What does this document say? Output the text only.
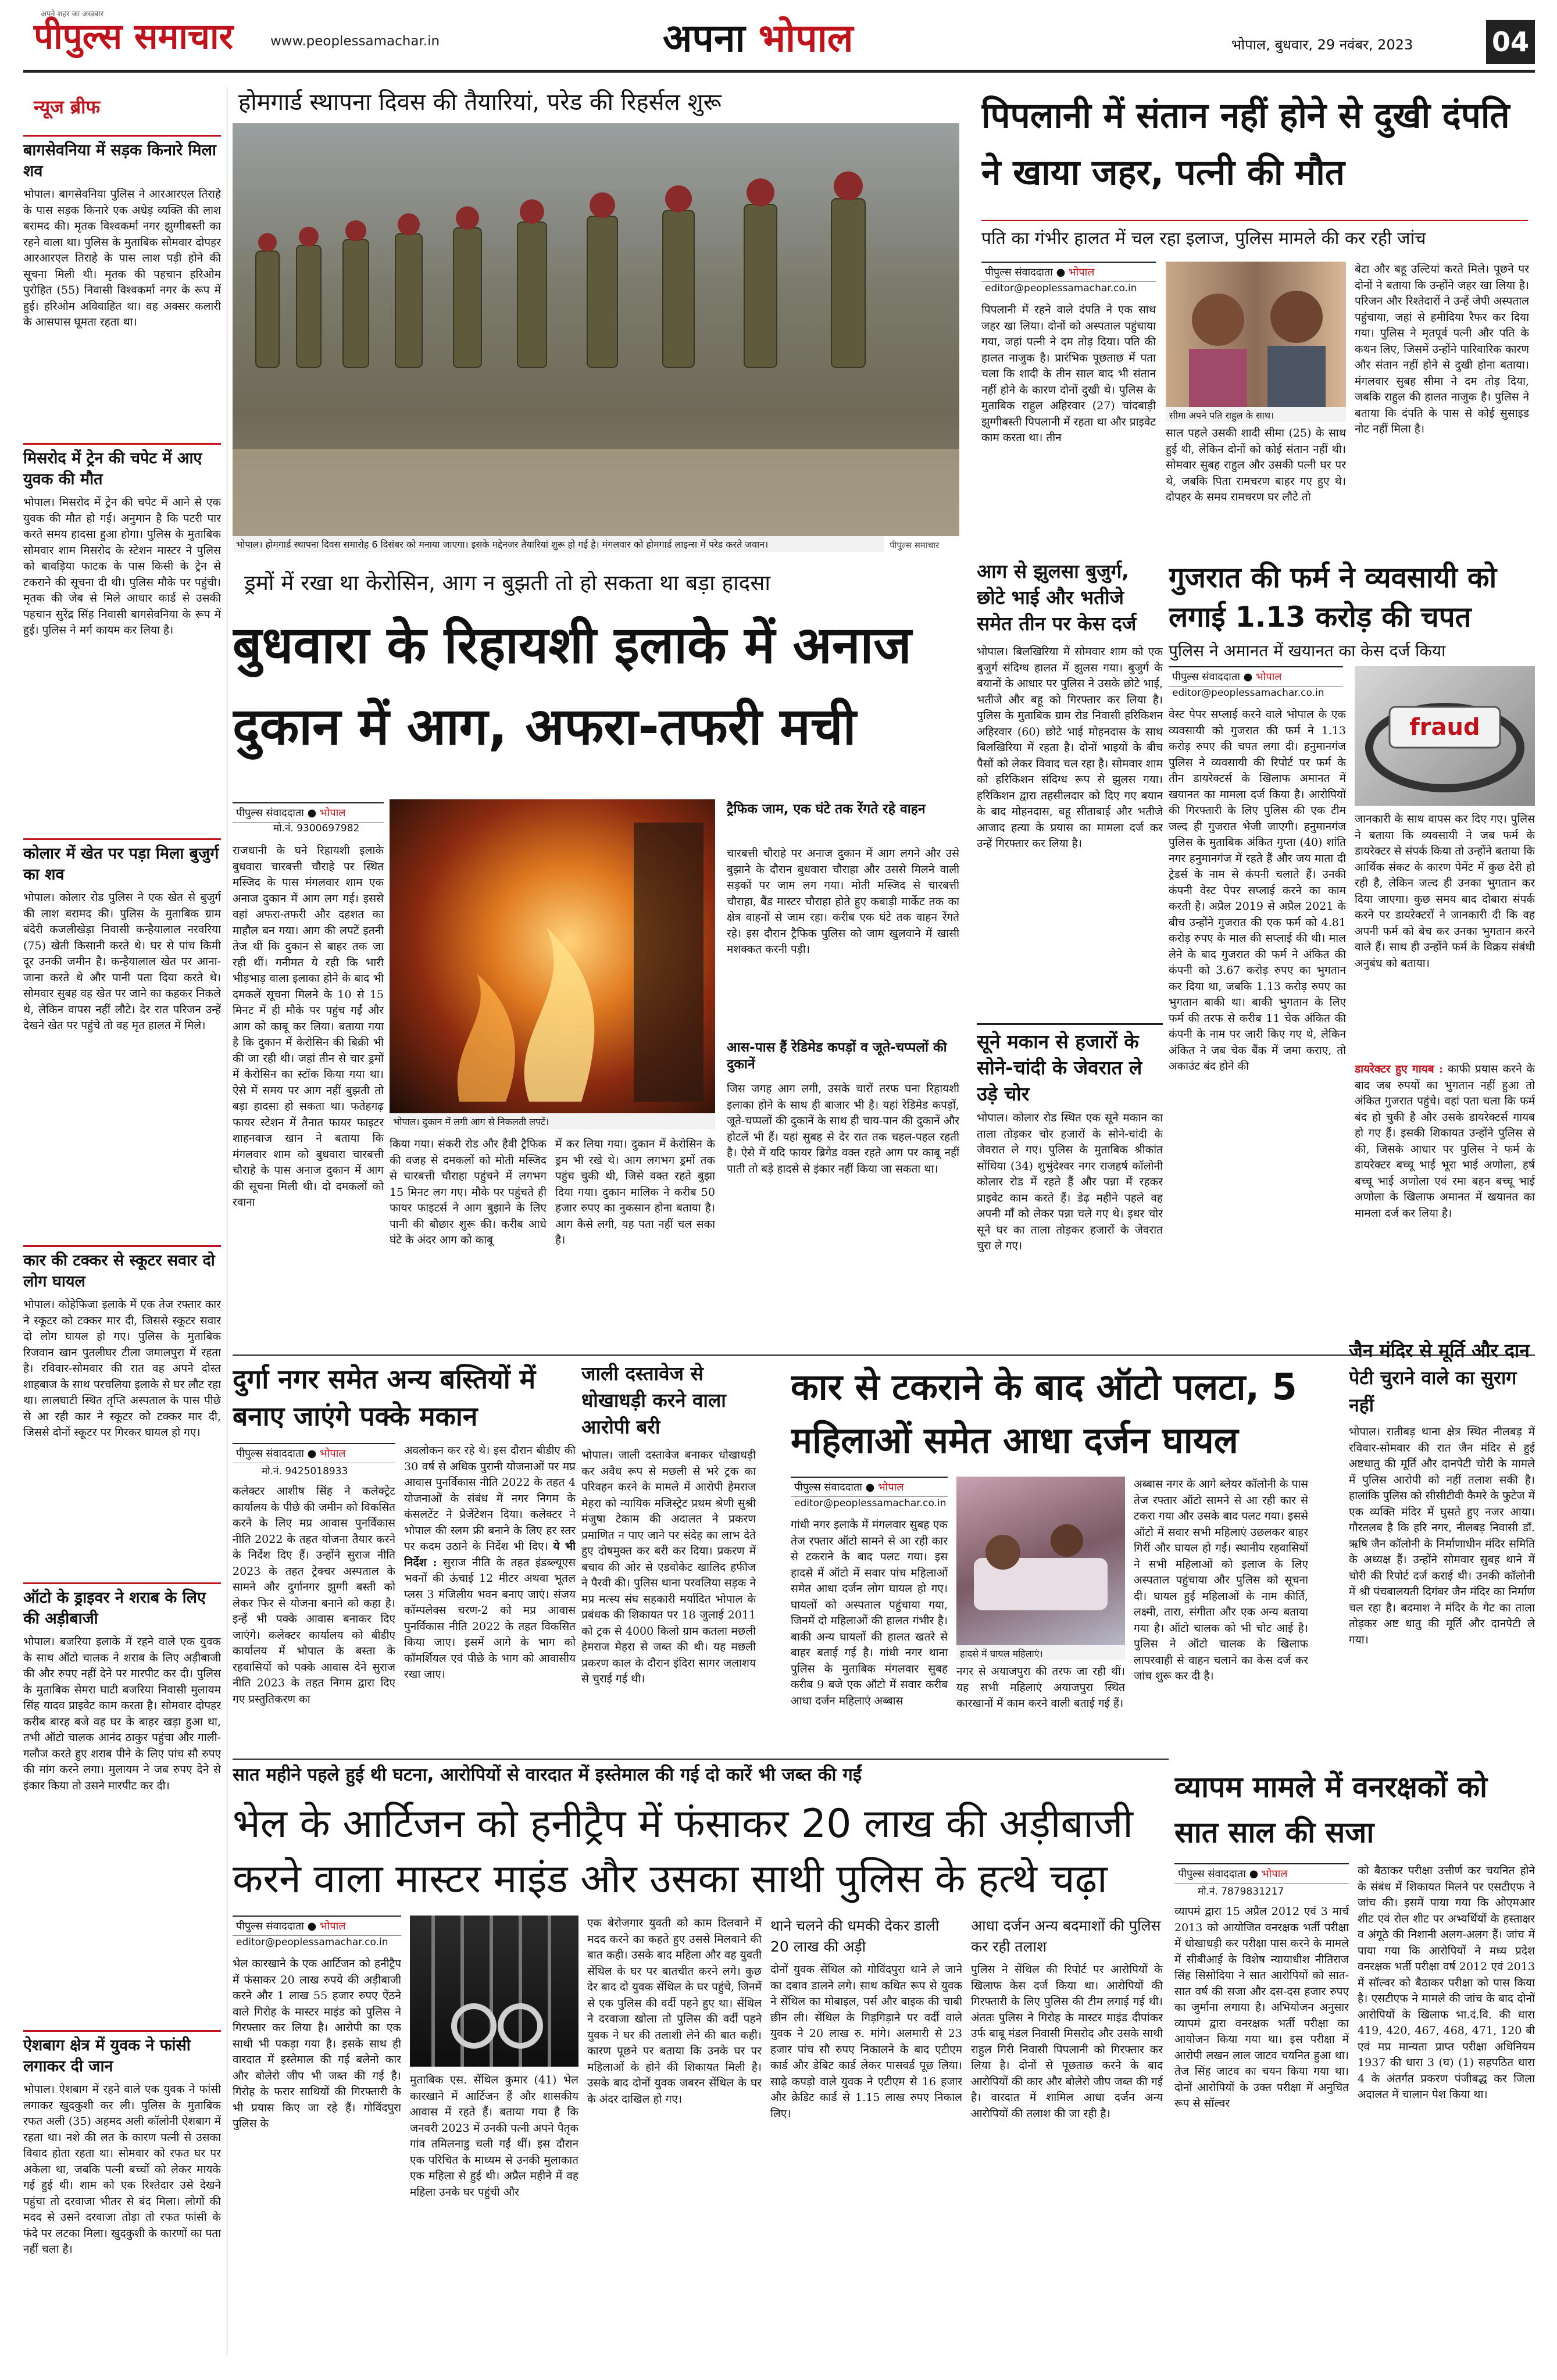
अपने शहर का अखबार
पीपुल्स समाचार	www.peoplessamachar.in	अपना भोपाल	भोपाल, बुधवार, 29 नवंबर, 2023	04
न्यूज ब्रीफ
बागसेवनिया में सड़क किनारे मिला शव
भोपाल। बागसेवनिया पुलिस ने आरआरएल तिराहे के पास सड़क किनारे एक अधेड़ व्यक्ति की लाश बरामद की। मृतक विश्वकर्मा नगर झुग्गीबस्ती का रहने वाला था। पुलिस के मुताबिक सोमवार दोपहर आरआरएल तिराहे के पास लाश पड़ी होने की सूचना मिली थी। मृतक की पहचान हरिओम पुरोहित (55) निवासी विश्वकर्मा नगर के रूप में हुई। हरिओम अविवाहित था। वह अक्सर कलारी के आसपास घूमता रहता था।
मिसरोद में ट्रेन की चपेट में आए युवक की मौत
भोपाल। मिसरोद में ट्रेन की चपेट में आने से एक युवक की मौत हो गई। अनुमान है कि पटरी पार करते समय हादसा हुआ होगा। पुलिस के मुताबिक सोमवार शाम मिसरोद के स्टेशन मास्टर ने पुलिस को बावड़िया फाटक के पास किसी के ट्रेन से टकराने की सूचना दी थी। पुलिस मौके पर पहुंची। मृतक की जेब से मिले आधार कार्ड से उसकी पहचान सुरेंद्र सिंह निवासी बागसेवनिया के रूप में हुई। पुलिस ने मर्ग कायम कर लिया है।
कोलार में खेत पर पड़ा मिला बुजुर्ग का शव
भोपाल। कोलार रोड पुलिस ने एक खेत से बुजुर्ग की लाश बरामद की। पुलिस के मुताबिक ग्राम बंदेरी कजलीखेड़ा निवासी कन्हैयालाल नरवरिया (75) खेती किसानी करते थे। घर से पांच किमी दूर उनकी जमीन है। कन्हैयालाल खेत पर आना-जाना करते थे और पानी पता दिया करते थे। सोमवार सुबह वह खेत पर जाने का कहकर निकले थे, लेकिन वापस नहीं लौटे। देर रात परिजन उन्हें देखने खेत पर पहुंचे तो वह मृत हालत में मिले।
कार की टक्कर से स्कूटर सवार दो लोग घायल
भोपाल। कोहेफिजा इलाके में एक तेज रफ्तार कार ने स्कूटर को टक्कर मार दी, जिससे स्कूटर सवार दो लोग घायल हो गए। पुलिस के मुताबिक रिजवान खान पुतलीघर टीला जमालपुरा में रहता है। रविवार-सोमवार की रात वह अपने दोस्त शाहबाज के साथ परचलिया इलाके से घर लौट रहा था। लालघाटी स्थित तृप्ति अस्पताल के पास पीछे से आ रही कार ने स्कूटर को टक्कर मार दी, जिससे दोनों स्कूटर पर गिरकर घायल हो गए।
ऑटो के ड्राइवर ने शराब के लिए की अड़ीबाजी
भोपाल। बजरिया इलाके में रहने वाले एक युवक के साथ ऑटो चालक ने शराब के लिए अड़ीबाजी की और रुपए नहीं देने पर मारपीट कर दी। पुलिस के मुताबिक सेमरा घाटी बजरिया निवासी मुलायम सिंह यादव प्राइवेट काम करता है। सोमवार दोपहर करीब बारह बजे वह घर के बाहर खड़ा हुआ था, तभी ऑटो चालक आनंद ठाकुर पहुंचा और गाली-गलौज करते हुए शराब पीने के लिए पांच सौ रुपए की मांग करने लगा। मुलायम ने जब रुपए देने से इंकार किया तो उसने मारपीट कर दी।
ऐशबाग क्षेत्र में युवक ने फांसी लगाकर दी जान
भोपाल। ऐशबाग में रहने वाले एक युवक ने फांसी लगाकर खुदकुशी कर ली। पुलिस के मुताबिक रफत अली (35) अहमद अली कॉलोनी ऐशबाग में रहता था। नशे की लत के कारण पत्नी से उसका विवाद होता रहता था। सोमवार को रफत घर पर अकेला था, जबकि पत्नी बच्चों को लेकर मायके गई हुई थी। शाम को एक रिश्तेदार उसे देखने पहुंचा तो दरवाजा भीतर से बंद मिला। लोगों की मदद से उसने दरवाजा तोड़ा तो रफत फांसी के फंदे पर लटका मिला। खुदकुशी के कारणों का पता नहीं चला है।
होमगार्ड स्थापना दिवस की तैयारियां, परेड की रिहर्सल शुरू
भोपाल। होमगार्ड स्थापना दिवस समारोह 6 दिसंबर को मनाया जाएगा। इसके मद्देनजर तैयारियां शुरू हो गई है। मंगलवार को होमगार्ड लाइन्स में परेड करते जवान।	पीपुल्स समाचार
ड्रमों में रखा था केरोसिन, आग न बुझती तो हो सकता था बड़ा हादसा
बुधवारा के रिहायशी इलाके में अनाज दुकान में आग, अफरा-तफरी मची
पीपुल्स संवाददाता ● भोपाल
मो.नं. 9300697982
भोपाल। दुकान में लगी आग से निकलती लपटें।
राजधानी के घने रिहायशी इलाके बुधवारा चारबत्ती चौराहे पर स्थित मस्जिद के पास मंगलवार शाम एक अनाज दुकान में आग लग गई। इससे वहां अफरा-तफरी और दहशत का माहौल बन गया। आग की लपटें इतनी तेज थीं कि दुकान से बाहर तक जा रही थीं। गनीमत ये रही कि भारी भीड़भाड़ वाला इलाका होने के बाद भी दमकलें सूचना मिलने के 10 से 15 मिनट में ही मौके पर पहुंच गईं और आग को काबू कर लिया। बताया गया है कि दुकान में केरोसिन की बिक्री भी की जा रही थी। जहां तीन से चार ड्रमों में केरोसिन का स्टॉक किया गया था। ऐसे में समय पर आग नहीं बुझती तो बड़ा हादसा हो सकता था। फतेहगढ़ फायर स्टेशन में तैनात फायर फाइटर शाहनवाज खान ने बताया कि मंगलवार शाम को बुधवारा चारबत्ती चौराहे के पास अनाज दुकान में आग की सूचना मिली थी। दो दमकलों को रवाना
किया गया। संकरी रोड और हैवी ट्रैफिक की वजह से दमकलों को मोती मस्जिद से चारबत्ती चौराहा पहुंचने में लगभग 15 मिनट लग गए। मौके पर पहुंचते ही फायर फाइटर्स ने आग बुझाने के लिए पानी की बौछार शुरू की। करीब आधे घंटे के अंदर आग को काबू
में कर लिया गया। दुकान में केरोसिन के ड्रम भी रखे थे। आग लगभग ड्रमों तक पहुंच चुकी थी, जिसे वक्त रहते बुझा दिया गया। दुकान मालिक ने करीब 50 हजार रुपए का नुकसान होना बताया है। आग कैसे लगी, यह पता नहीं चल सका है।
ट्रैफिक जाम, एक घंटे तक रेंगते रहे वाहन
चारबत्ती चौराहे पर अनाज दुकान में आग लगने और उसे बुझाने के दौरान बुधवारा चौराहा और उससे मिलने वाली सड़कों पर जाम लग गया। मोती मस्जिद से चारबत्ती चौराहा, बैंड मास्टर चौराहा होते हुए कबाड़ी मार्केट तक का क्षेत्र वाहनों से जाम रहा। करीब एक घंटे तक वाहन रेंगते रहे। इस दौरान ट्रैफिक पुलिस को जाम खुलवाने में खासी मशक्कत करनी पड़ी।
आस-पास हैं रेडिमेड कपड़ों व जूते-चप्पलों की दुकानें
जिस जगह आग लगी, उसके चारों तरफ घना रिहायशी इलाका होने के साथ ही बाजार भी है। यहां रेडिमेड कपड़ों, जूते-चप्पलों की दुकानें के साथ ही चाय-पान की दुकानें और होटलें भी हैं। यहां सुबह से देर रात तक चहल-पहल रहती है। ऐसे में यदि फायर ब्रिगेड वक्त रहते आग पर काबू नहीं पाती तो बड़े हादसे से इंकार नहीं किया जा सकता था।
पिपलानी में संतान नहीं होने से दुखी दंपति ने खाया जहर, पत्नी की मौत
पति का गंभीर हालत में चल रहा इलाज, पुलिस मामले की कर रही जांच
पीपुल्स संवाददाता ● भोपाल
editor@peoplessamachar.co.in
पिपलानी में रहने वाले दंपति ने एक साथ जहर खा लिया। दोनों को अस्पताल पहुंचाया गया, जहां पत्नी ने दम तोड़ दिया। पति की हालत नाजुक है। प्रारंभिक पूछताछ में पता चला कि शादी के तीन साल बाद भी संतान नहीं होने के कारण दोनों दुखी थे। पुलिस के मुताबिक राहुल अहिरवार (27) चांदबाड़ी झुग्गीबस्ती पिपलानी में रहता था और प्राइवेट काम करता था। तीन
सीमा अपने पति राहुल के साथ।
साल पहले उसकी शादी सीमा (25) के साथ हुई थी, लेकिन दोनों को कोई संतान नहीं थी। सोमवार सुबह राहुल और उसकी पत्नी घर पर थे, जबकि पिता रामचरण बाहर गए हुए थे। दोपहर के समय रामचरण घर लौटे तो
बेटा और बहू उल्टियां करते मिले। पूछने पर दोनों ने बताया कि उन्होंने जहर खा लिया है। परिजन और रिश्तेदारों ने उन्हें जेपी अस्पताल पहुंचाया, जहां से हमीदिया रैफर कर दिया गया। पुलिस ने मृतपूर्व पत्नी और पति के कथन लिए, जिसमें उन्होंने पारिवारिक कारण और संतान नहीं होने से दुखी होना बताया। मंगलवार सुबह सीमा ने दम तोड़ दिया, जबकि राहुल की हालत नाजुक है। पुलिस ने बताया कि दंपति के पास से कोई सुसाइड नोट नहीं मिला है।
आग से झुलसा बुजुर्ग, छोटे भाई और भतीजे समेत तीन पर केस दर्ज
भोपाल। बिलखिरिया में सोमवार शाम को एक बुजुर्ग संदिग्ध हालत में झुलस गया। बुजुर्ग के बयानों के आधार पर पुलिस ने उसके छोटे भाई, भतीजे और बहू को गिरफ्तार कर लिया है। पुलिस के मुताबिक ग्राम रोड निवासी हरिकिशन अहिरवार (60) छोटे भाई मोहनदास के साथ बिलखिरिया में रहता है। दोनों भाइयों के बीच पैसों को लेकर विवाद चल रहा है। सोमवार शाम को हरिकिशन संदिग्ध रूप से झुलस गया। हरिकिशन द्वारा तहसीलदार को दिए गए बयान के बाद मोहनदास, बहू सीताबाई और भतीजे आजाद हत्या के प्रयास का मामला दर्ज कर उन्हें गिरफ्तार कर लिया है।
सूने मकान से हजारों के सोने-चांदी के जेवरात ले उड़े चोर
भोपाल। कोलार रोड स्थित एक सूने मकान का ताला तोड़कर चोर हजारों के सोने-चांदी के जेवरात ले गए। पुलिस के मुताबिक श्रीकांत सोंधिया (34) शुभुंदेश्वर नगर राजहर्ष कॉलोनी कोलार रोड में रहते हैं और पन्ना में रहकर प्राइवेट काम करते हैं। डेढ़ महीने पहले वह अपनी माँ को लेकर पन्ना चले गए थे। इधर चोर सूने घर का ताला तोड़कर हजारों के जेवरात चुरा ले गए।
गुजरात की फर्म ने व्यवसायी को लगाई 1.13 करोड़ की चपत
पुलिस ने अमानत में खयानत का केस दर्ज किया
पीपुल्स संवाददाता ● भोपाल
editor@peoplessamachar.co.in
वेस्ट पेपर सप्लाई करने वाले भोपाल के एक व्यवसायी को गुजरात की फर्म ने 1.13 करोड़ रुपए की चपत लगा दी। हनुमानगंज पुलिस ने व्यवसायी की रिपोर्ट पर फर्म के तीन डायरेक्टर्स के खिलाफ अमानत में खयानत का मामला दर्ज किया है। आरोपियों की गिरफ्तारी के लिए पुलिस की एक टीम जल्द ही गुजरात भेजी जाएगी। हनुमानगंज पुलिस के मुताबिक अंकित गुप्ता (40) शांति नगर हनुमानगंज में रहते हैं और जय माता दी ट्रेडर्स के नाम से कंपनी चलाते हैं। उनकी कंपनी वेस्ट पेपर सप्लाई करने का काम करती है। अप्रैल 2019 से अप्रैल 2021 के बीच उन्होंने गुजरात की एक फर्म को 4.81 करोड़ रुपए के माल की सप्लाई की थी। माल लेने के बाद गुजरात की फर्म ने अंकित की कंपनी को 3.67 करोड़ रुपए का भुगतान कर दिया था, जबकि 1.13 करोड़ रुपए का भुगतान बाकी था। बाकी भुगतान के लिए फर्म की तरफ से करीब 11 चेक अंकित की कंपनी के नाम पर जारी किए गए थे, लेकिन अंकित ने जब चेक बैंक में जमा कराए, तो अकाउंट बंद होने की
fraud
जानकारी के साथ वापस कर दिए गए। पुलिस ने बताया कि व्यवसायी ने जब फर्म के डायरेक्टर से संपर्क किया तो उन्होंने बताया कि आर्थिक संकट के कारण पेमेंट में कुछ देरी हो रही है, लेकिन जल्द ही उनका भुगतान कर दिया जाएगा। कुछ समय बाद दोबारा संपर्क करने पर डायरेक्टरों ने जानकारी दी कि वह अपनी फर्म को बेच कर उनका भुगतान करने वाले हैं। साथ ही उन्होंने फर्म के विक्रय संबंधी अनुबंध को बताया।
डायरेक्टर हुए गायब : काफी प्रयास करने के बाद जब रुपयों का भुगतान नहीं हुआ तो अंकित गुजरात पहुंचे। वहां पता चला कि फर्म बंद हो चुकी है और उसके डायरेक्टर्स गायब हो गए हैं। इसकी शिकायत उन्होंने पुलिस से की, जिसके आधार पर पुलिस ने फर्म के डायरेक्टर बच्चू भाई भूरा भाई अणोला, हर्ष बच्चू भाई अणोला एवं रमा बहन बच्चू भाई अणोला के खिलाफ अमानत में खयानत का मामला दर्ज कर लिया है।
दुर्गा नगर समेत अन्य बस्तियों में बनाए जाएंगे पक्के मकान
पीपुल्स संवाददाता ● भोपाल
मो.नं. 9425018933
कलेक्टर आशीष सिंह ने कलेक्ट्रेट कार्यालय के पीछे की जमीन को विकसित करने के लिए मप्र आवास पुनर्विकास नीति 2022 के तहत योजना तैयार करने के निर्देश दिए हैं। उन्होंने सुराज नीति 2023 के तहत ट्रेक्चर अस्पताल के सामने और दुर्गानगर झुग्गी बस्ती को लेकर फिर से योजना बनाने को कहा है। इन्हें भी पक्के आवास बनाकर दिए जाएंगे। कलेक्टर कार्यालय को बीडीए कार्यालय में भोपाल के बस्ता के रहवासियों को पक्के आवास देने सुराज नीति 2023 के तहत निगम द्वारा दिए गए प्रस्तुतिकरण का
अवलोकन कर रहे थे। इस दौरान बीडीए की 30 वर्ष से अधिक पुरानी योजनाओं पर मप्र आवास पुनर्विकास नीति 2022 के तहत 4 योजनाओं के संबंध में नगर निगम के कंसलटेंट ने प्रेजेंटेशन दिया। कलेक्टर ने भोपाल की स्लम फ्री बनाने के लिए हर स्तर पर कदम उठाने के निर्देश भी दिए। ये भी निर्देश : सुराज नीति के तहत इंडब्ल्यूएस भवनों की ऊंचाई 12 मीटर अथवा भूतल प्लस 3 मंजिलीय भवन बनाए जाएं। संजय कॉम्पलेक्स चरण-2 को मप्र आवास पुनर्विकास नीति 2022 के तहत विकसित किया जाए। इसमें आगे के भाग को कॉमर्शियल एवं पीछे के भाग को आवासीय रखा जाए।
जाली दस्तावेज से धोखाधड़ी करने वाला आरोपी बरी
भोपाल। जाली दस्तावेज बनाकर धोखाधड़ी कर अवैध रूप से मछली से भरे ट्रक का परिवहन करने के मामले में आरोपी हेमराज मेहरा को न्यायिक मजिस्ट्रेट प्रथम श्रेणी सुश्री मंजुषा टेकाम की अदालत ने प्रकरण प्रमाणित न पाए जाने पर संदेह का लाभ देते हुए दोषमुक्त कर बरी कर दिया। प्रकरण में बचाव की ओर से एडवोकेट खालिद हफीज ने पैरवी की। पुलिस थाना परवलिया सड़क ने मप्र मत्स्य संघ सहकारी मर्यादित भोपाल के प्रबंधक की शिकायत पर 18 जुलाई 2011 को ट्रक से 4000 किलो ग्राम कतला मछली हेमराज मेहरा से जब्त की थी। यह मछली प्रकरण काल के दौरान इंदिरा सागर जलाशय से चुराई गई थी।
कार से टकराने के बाद ऑटो पलटा, 5 महिलाओं समेत आधा दर्जन घायल
पीपुल्स संवाददाता ● भोपाल
editor@peoplessamachar.co.in
गांधी नगर इलाके में मंगलवार सुबह एक तेज रफ्तार ऑटो सामने से आ रही कार से टकराने के बाद पलट गया। इस हादसे में ऑटो में सवार पांच महिलाओं समेत आधा दर्जन लोग घायल हो गए। घायलों को अस्पताल पहुंचाया गया, जिनमें दो महिलाओं की हालत गंभीर है। बाकी अन्य घायलों की हालत खतरे से बाहर बताई गई है। गांधी नगर थाना पुलिस के मुताबिक मंगलवार सुबह करीब 9 बजे एक ऑटो में सवार करीब आधा दर्जन महिलाएं अब्बास
हादसे में घायल महिलाएं।
नगर से अयाजपुरा की तरफ जा रही थीं। यह सभी महिलाएं अयाजपुरा स्थित कारखानों में काम करने वाली बताई गई हैं।
अब्बास नगर के आगे ब्लेयर कॉलोनी के पास तेज रफ्तार ऑटो सामने से आ रही कार से टकरा गया और उसके बाद पलट गया। इससे ऑटो में सवार सभी महिलाएं उछलकर बाहर गिरीं और घायल हो गईं। स्थानीय रहवासियों ने सभी महिलाओं को इलाज के लिए अस्पताल पहुंचाया और पुलिस को सूचना दी। घायल हुई महिलाओं के नाम कीर्ति, लक्ष्मी, तारा, संगीता और एक अन्य बताया गया है। ऑटो चालक को भी चोट आई है। पुलिस ने ऑटो चालक के खिलाफ लापरवाही से वाहन चलाने का केस दर्ज कर जांच शुरू कर दी है।
जैन मंदिर से मूर्ति और दान पेटी चुराने वाले का सुराग नहीं
भोपाल। रातीबड़ थाना क्षेत्र स्थित नीलबड़ में रविवार-सोमवार की रात जैन मंदिर से हुई अष्टधातु की मूर्ति और दानपेटी चोरी के मामले में पुलिस आरोपी को नहीं तलाश सकी है। हालांकि पुलिस को सीसीटीवी कैमरे के फुटेज में एक व्यक्ति मंदिर में घुसते हुए नजर आया। गौरतलब है कि हरि नगर, नीलबड़ निवासी डॉ. ऋषि जैन कॉलोनी के निर्माणाधीन मंदिर समिति के अध्यक्ष हैं। उन्होंने सोमवार सुबह थाने में चोरी की रिपोर्ट दर्ज कराई थी। उनकी कॉलोनी में श्री पंचबालयती दिगंबर जैन मंदिर का निर्माण चल रहा है। बदमाश ने मंदिर के गेट का ताला तोड़कर अष्ट धातु की मूर्ति और दानपेटी ले गया।
सात महीने पहले हुई थी घटना, आरोपियों से वारदात में इस्तेमाल की गई दो कारें भी जब्त की गईं
भेल के आर्टिजन को हनीट्रैप में फंसाकर 20 लाख की अड़ीबाजी
करने वाला मास्टर माइंड और उसका साथी पुलिस के हत्थे चढ़ा
पीपुल्स संवाददाता ● भोपाल
editor@peoplessamachar.co.in
भेल कारखाने के एक आर्टिजन को हनीट्रैप में फंसाकर 20 लाख रुपये की अड़ीबाजी करने और 1 लाख 55 हजार रुपए ऐंठने वाले गिरोह के मास्टर माइंड को पुलिस ने गिरफ्तार कर लिया है। आरोपी का एक साथी भी पकड़ा गया है। इसके साथ ही वारदात में इस्तेमाल की गई बलेनो कार और बोलेरो जीप भी जब्त की गई है। गिरोह के फरार साथियों की गिरफ्तारी के भी प्रयास किए जा रहे हैं। गोविंदपुरा पुलिस के
मुताबिक एस. सेंथिल कुमार (41) भेल कारखाने में आर्टिजन हैं और शासकीय आवास में रहते हैं। बताया गया है कि जनवरी 2023 में उनकी पत्नी अपने पैतृक गांव तमिलनाडु चली गईं थीं। इस दौरान एक परिचित के माध्यम से उनकी मुलाकात एक महिला से हुई थी। अप्रैल महीने में वह महिला उनके घर पहुंची और
एक बेरोजगार युवती को काम दिलवाने में मदद करने का कहते हुए उससे मिलवाने की बात कही। उसके बाद महिला और वह युवती सेंथिल के घर पर बातचीत करने लगे। कुछ देर बाद दो युवक सेंथिल के घर पहुंचे, जिनमें से एक पुलिस की वर्दी पहने हुए था। सेंथिल ने दरवाजा खोला तो पुलिस की वर्दी पहने युवक ने घर की तलाशी लेने की बात कही। कारण पूछने पर बताया कि उनके घर पर महिलाओं के होने की शिकायत मिली है। उसके बाद दोनों युवक जबरन सेंथिल के घर के अंदर दाखिल हो गए।
थाने चलने की धमकी देकर डाली 20 लाख की अड़ी
दोनों युवक सेंथिल को गोविंदपुरा थाने ले जाने का दबाव डालने लगे। साथ कथित रूप से युवक ने सेंथिल का मोबाइल, पर्स और बाइक की चाबी छीन ली। सेंथिल के गिड़गिड़ाने पर वर्दी वाले युवक ने 20 लाख रु. मांगे। अलमारी से 23 हजार पांच सौ रुपए निकालने के बाद एटीएम कार्ड और डेबिट कार्ड लेकर पासवर्ड पूछ लिया। साढ़े कपड़ो वाले युवक ने एटीएम से 16 हजार और क्रेडिट कार्ड से 1.15 लाख रुपए निकाल लिए।
आधा दर्जन अन्य बदमाशों की पुलिस कर रही तलाश
पुलिस ने सेंथिल की रिपोर्ट पर आरोपियों के खिलाफ केस दर्ज किया था। आरोपियों की गिरफ्तारी के लिए पुलिस की टीम लगाई गई थी। अंततः पुलिस ने गिरोह के मास्टर माइंड दीपांकर उर्फ बाबू मंडल निवासी मिसरोद और उसके साथी राहुल गिरी निवासी पिपलानी को गिरफ्तार कर लिया है। दोनों से पूछताछ करने के बाद आरोपियों की कार और बोलेरो जीप जब्त की गई है। वारदात में शामिल आधा दर्जन अन्य आरोपियों की तलाश की जा रही है।
व्यापम मामले में वनरक्षकों को सात साल की सजा
पीपुल्स संवाददाता ● भोपाल
मो.नं. 7879831217
व्यापमं द्वारा 15 अप्रैल 2012 एवं 3 मार्च 2013 को आयोजित वनरक्षक भर्ती परीक्षा में धोखाधड़ी कर परीक्षा पास करने के मामले में सीबीआई के विशेष न्यायाधीश नीतिराज सिंह सिसोदिया ने सात आरोपियों को सात-सात वर्ष की सजा और दस-दस हजार रुपए का जुर्माना लगाया है। अभियोजन अनुसार व्यापमं द्वारा वनरक्षक भर्ती परीक्षा का आयोजन किया गया था। इस परीक्षा में आरोपी लखन लाल जाटव चयनित हुआ था। तेज सिंह जाटव का चयन किया गया था। दोनों आरोपियों के उक्त परीक्षा में अनुचित रूप से सॉल्वर
को बैठाकर परीक्षा उत्तीर्ण कर चयनित होने के संबंध में शिकायत मिलने पर एसटीएफ ने जांच की। इसमें पाया गया कि ओएमआर शीट एवं रोल शीट पर अभ्यर्थियों के हस्ताक्षर व अंगूठे की निशानी अलग-अलग हैं। जांच में पाया गया कि आरोपियों ने मध्य प्रदेश वनरक्षक भर्ती परीक्षा वर्ष 2012 एवं 2013 में सॉल्वर को बैठाकर परीक्षा को पास किया है। एसटीएफ ने मामले की जांच के बाद दोनों आरोपियों के खिलाफ भा.दं.वि. की धारा 419, 420, 467, 468, 471, 120 बी एवं मप्र मान्यता प्राप्त परीक्षा अधिनियम 1937 की धारा 3 (घ) (1) सहपठित धारा 4 के अंतर्गत प्रकरण पंजीबद्ध कर जिला अदालत में चालान पेश किया था।
